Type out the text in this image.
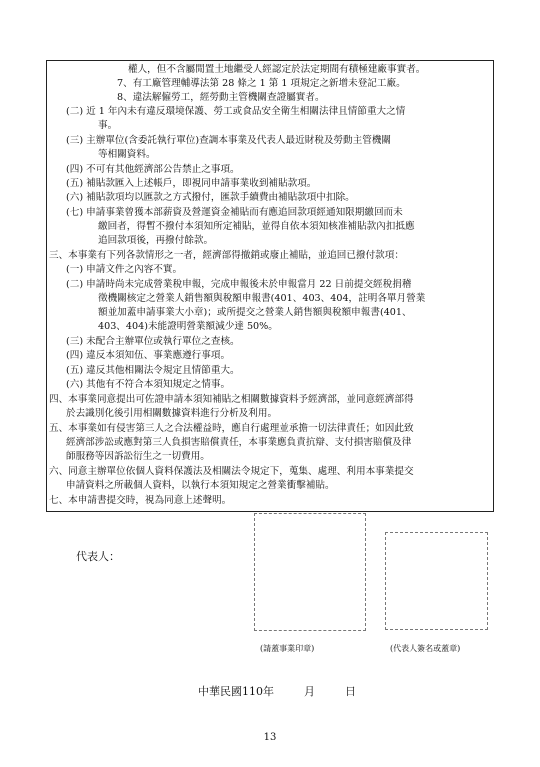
權人，但不含屬閒置土地繼受人經認定於法定期間有積極建廠事實者。
7、有工廠管理輔導法第 28 條之 1 第 1 項規定之新增未登記工廠。
8、違法解僱勞工，經勞動主管機關查證屬實者。
(二) 近 1 年內未有違反環境保護、勞工或食品安全衛生相關法律且情節重大之情
事。
(三) 主辦單位(含委託執行單位)查調本事業及代表人最近財稅及勞動主管機關
等相關資料。
(四) 不可有其他經濟部公告禁止之事項。
(五) 補貼款匯入上述帳戶，即視同申請事業收到補貼款項。
(六) 補貼款項均以匯款之方式撥付，匯款手續費由補貼款項中扣除。
(七) 申請事業曾獲本部薪資及營運資金補貼而有應追回款項經通知限期繳回而未
繳回者，得暫不撥付本須知所定補貼，並得自依本須知核准補貼款內扣抵應
追回款項後，再撥付餘款。
三、本事業有下列各款情形之一者，經濟部得撤銷或廢止補貼，並追回已撥付款項：
(一) 申請文件之內容不實。
(二) 申請時尚未完成營業稅申報，完成申報後未於申報當月 22 日前提交經稅捐稽
徵機關核定之營業人銷售額與稅額申報書(401、403、404，註明各單月營業
額並加蓋申請事業大小章)；或所提交之營業人銷售額與稅額申報書(401、
403、404)未能證明營業額減少達 50%。
(三) 未配合主辦單位或執行單位之查核。
(四) 違反本須知伍、事業應遵行事項。
(五) 違反其他相關法令規定且情節重大。
(六) 其他有不符合本須知規定之情事。
四、本事業同意提出可佐證申請本須知補貼之相關數據資料予經濟部，並同意經濟部得
於去識別化後引用相關數據資料進行分析及利用。
五、本事業如有侵害第三人之合法權益時，應自行處理並承擔一切法律責任；如因此致
經濟部涉訟或應對第三人負損害賠償責任，本事業應負責抗辯、支付損害賠償及律
師服務等因訴訟衍生之一切費用。
六、同意主辦單位依個人資料保護法及相關法令規定下，蒐集、處理、利用本事業提交
申請資料之所載個人資料，以執行本須知規定之營業衝擊補貼。
七、本申請書提交時，視為同意上述聲明。
代表人：
(請蓋事業印章)	(代表人簽名或蓋章)
中華民國110年	月	日
13
